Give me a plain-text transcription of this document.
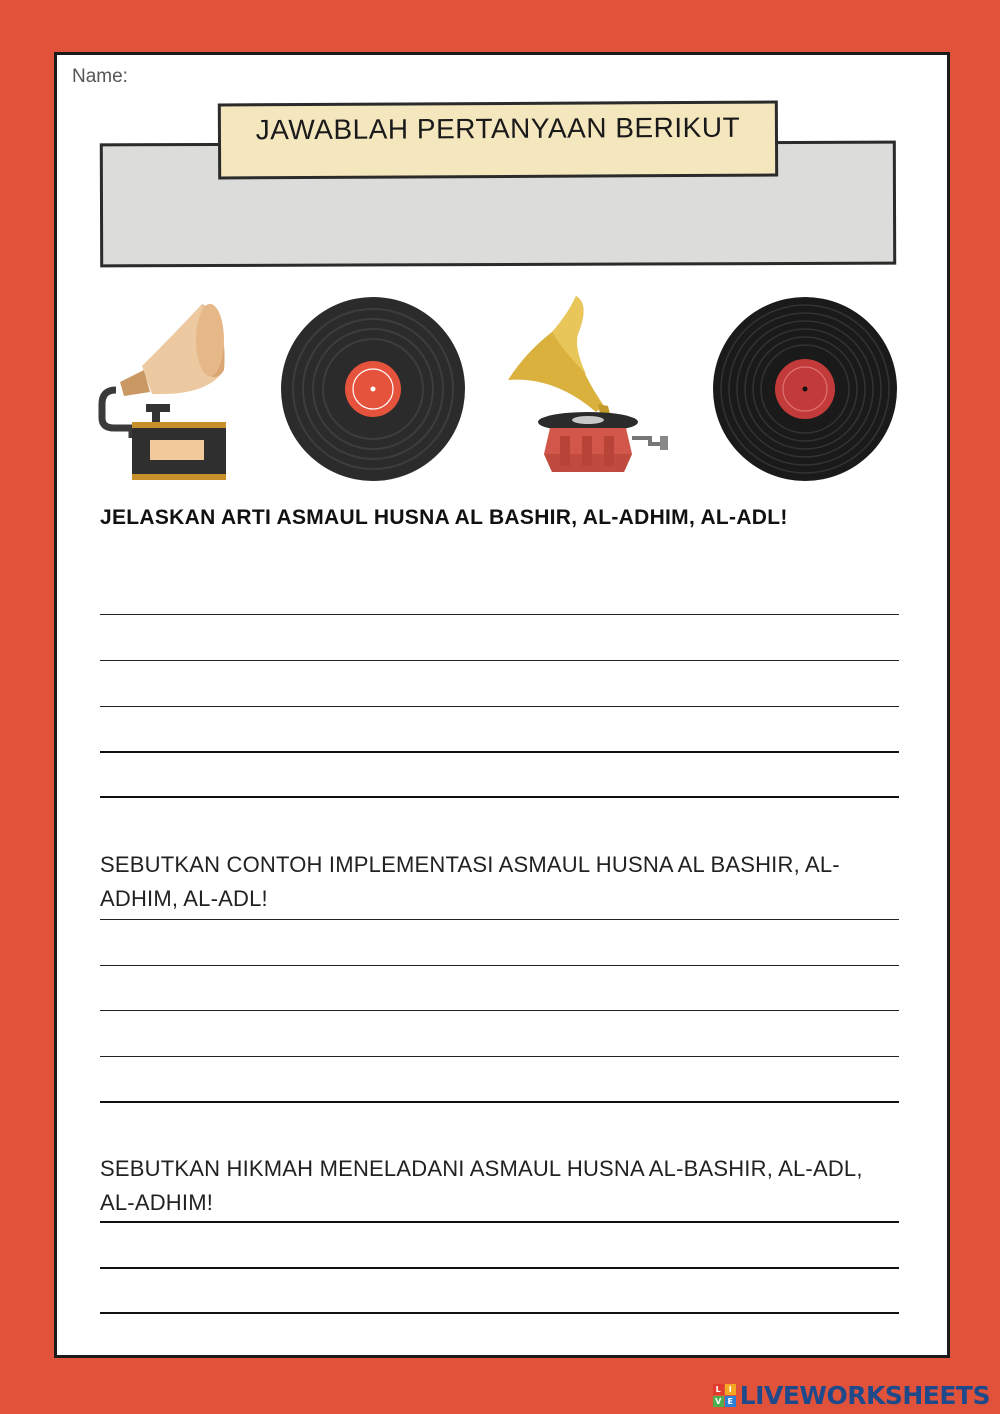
Name:
JAWABLAH PERTANYAAN BERIKUT
JELASKAN ARTI ASMAUL HUSNA AL BASHIR, AL-ADHIM, AL-ADL!
SEBUTKAN CONTOH IMPLEMENTASI ASMAUL HUSNA AL BASHIR, AL-ADHIM, AL-ADL!
SEBUTKAN HIKMAH MENELADANI ASMAUL HUSNA AL-BASHIR, AL-ADL, AL-ADHIM!
L I
V E LIVEWORKSHEETS
